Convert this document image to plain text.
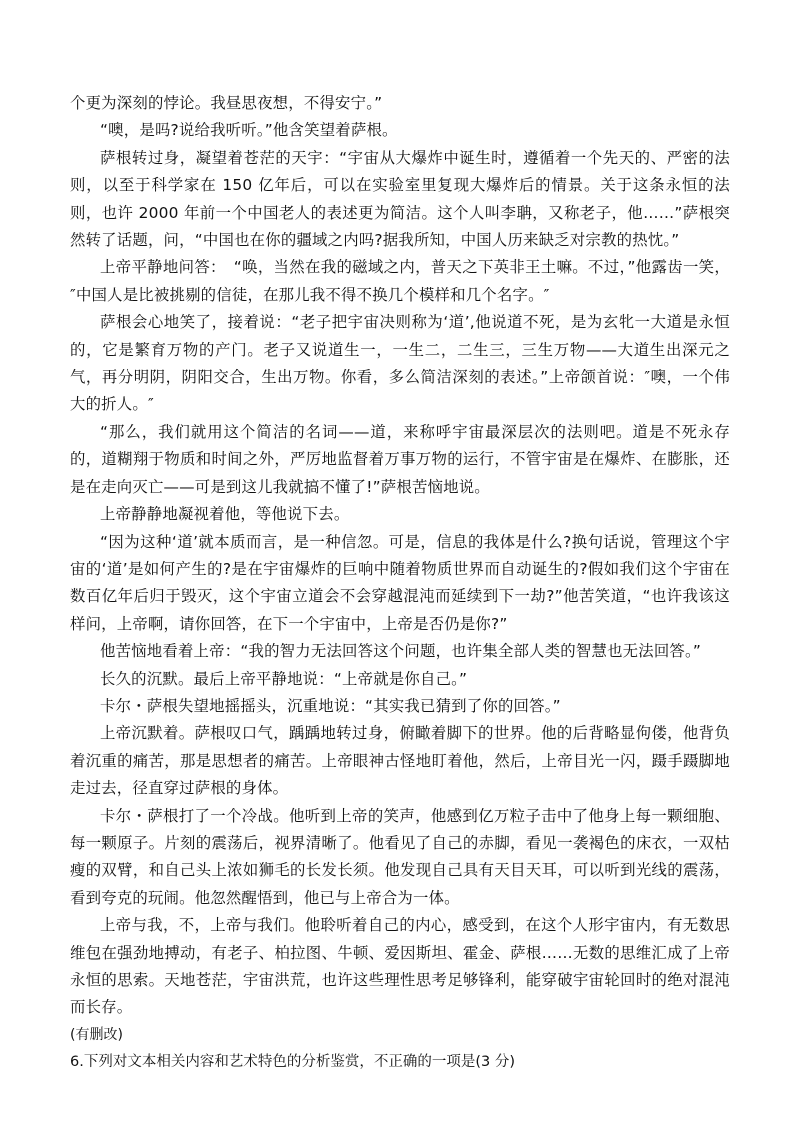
个更为深刻的悖论。我昼思夜想，不得安宁。”

“噢，是吗?说给我听听。”他含笑望着萨根。

萨根转过身，凝望着苍茫的天宇：“宇宙从大爆炸中诞生时，遵循着一个先天的、严密的法则，以至于科学家在 150 亿年后，可以在实验室里复现大爆炸后的情景。关于这条永恒的法则，也许 2000 年前一个中国老人的表述更为简洁。这个人叫李聃，又称老子，他……”萨根突然转了话题，问，“中国也在你的疆域之内吗?据我所知，中国人历来缺乏对宗教的热忱。”

上帝平静地问答：　“唤，当然在我的磁域之内，普天之下英非王土嘛。不过，”他露齿一笑，″中国人是比被挑剔的信徒，在那儿我不得不换几个模样和几个名字。″

萨根会心地笑了，接着说：“老子把宇宙决则称为‘道’,他说道不死，是为玄牝一大道是永恒的，它是繁育万物的产门。老子又说道生一，一生二，二生三，三生万物——大道生出深元之气，再分明阴，阴阳交合，生出万物。你看，多么简洁深刻的表述。”上帝颌首说：″噢，一个伟大的折人。″

“那么，我们就用这个简洁的名词——道，来称呼宇宙最深层次的法则吧。道是不死永存的，道糊翔于物质和时间之外，严厉地监督着万事万物的运行，不管宇宙是在爆炸、在膨胀，还是在走向灭亡——可是到这儿我就搞不懂了!”萨根苦恼地说。

上帝静静地凝视着他，等他说下去。

“因为这种‘道’就本质而言，是一种信忽。可是，信息的我体是什么?换句话说，管理这个宇宙的‘道’是如何产生的?是在宇宙爆炸的巨响中随着物质世界而自动诞生的?假如我们这个宇宙在数百亿年后归于毁灭，这个宇宙立道会不会穿越混沌而延续到下一劫?”他苦笑道，“也许我该这样问，上帝啊，请你回答，在下一个宇宙中，上帝是否仍是你?”

他苦恼地看着上帝：“我的智力无法回答这个问题，也许集全部人类的智慧也无法回答。”

长久的沉默。最后上帝平静地说：“上帝就是你自己。”

卡尔・萨根失望地摇摇头，沉重地说：“其实我已猜到了你的回答。”

上帝沉默着。萨根叹口气，踽踽地转过身，俯瞰着脚下的世界。他的后背略显佝偻，他背负着沉重的痛苦，那是思想者的痛苦。上帝眼神古怪地盯着他，然后，上帝目光一闪，蹑手蹑脚地走过去，径直穿过萨根的身体。

卡尔・萨根打了一个冷战。他听到上帝的笑声，他感到亿万粒子击中了他身上每一颗细胞、每一颗原子。片刻的震荡后，视界清晰了。他看见了自己的赤脚，看见一袭褐色的床衣，一双枯瘦的双臂，和自己头上浓如狮毛的长发长须。他发现自己具有天目天耳，可以听到光线的震荡，看到夸克的玩闹。他忽然醒悟到，他已与上帝合为一体。

上帝与我，不，上帝与我们。他聆听着自己的内心，感受到，在这个人形宇宙内，有无数思维包在强劲地搏动，有老子、柏拉图、牛顿、爱因斯坦、霍金、萨根……无数的思维汇成了上帝永恒的思索。天地苍茫，宇宙洪荒，也许这些理性思考足够锋利，能穿破宇宙轮回时的绝对混沌而长存。

(有删改)

6.下列对文本相关内容和艺术特色的分析鉴赏，不正确的一项是(3 分)
